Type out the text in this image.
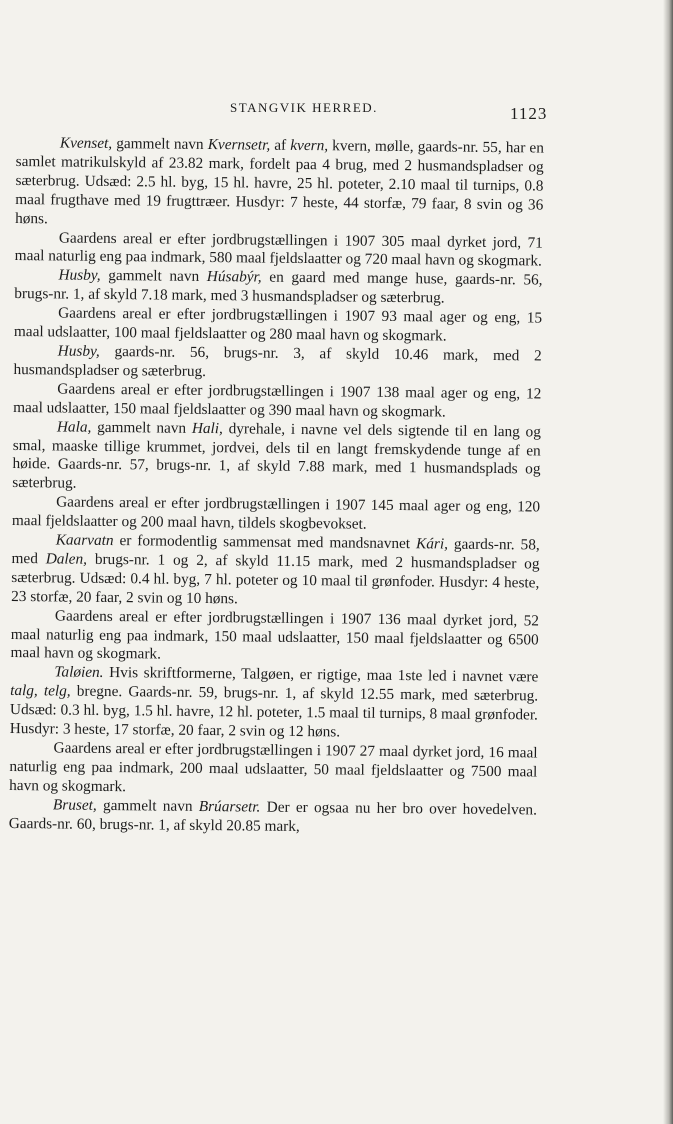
STANGVIK HERRED.	1123

Kvenset, gammelt navn Kvernsetr, af kvern, kvern, mølle, gaards-nr. 55, har en samlet matrikulskyld af 23.82 mark, fordelt paa 4 brug, med 2 husmandspladser og sæterbrug. Udsæd: 2.5 hl. byg, 15 hl. havre, 25 hl. poteter, 2.10 maal til turnips, 0.8 maal frugthave med 19 frugttræer. Husdyr: 7 heste, 44 storfæ, 79 faar, 8 svin og 36 høns.

Gaardens areal er efter jordbrugstællingen i 1907 305 maal dyrket jord, 71 maal naturlig eng paa indmark, 580 maal fjeldslaatter og 720 maal havn og skogmark.

Husby, gammelt navn Húsabýr, en gaard med mange huse, gaards-nr. 56, brugs-nr. 1, af skyld 7.18 mark, med 3 husmandspladser og sæterbrug.

Gaardens areal er efter jordbrugstællingen i 1907 93 maal ager og eng, 15 maal udslaatter, 100 maal fjeldslaatter og 280 maal havn og skogmark.

Husby, gaards-nr. 56, brugs-nr. 3, af skyld 10.46 mark, med 2 husmandspladser og sæterbrug.

Gaardens areal er efter jordbrugstællingen i 1907 138 maal ager og eng, 12 maal udslaatter, 150 maal fjeldslaatter og 390 maal havn og skogmark.

Hala, gammelt navn Hali, dyrehale, i navne vel dels sigtende til en lang og smal, maaske tillige krummet, jordvei, dels til en langt fremskydende tunge af en høide. Gaards-nr. 57, brugs-nr. 1, af skyld 7.88 mark, med 1 husmandsplads og sæterbrug.

Gaardens areal er efter jordbrugstællingen i 1907 145 maal ager og eng, 120 maal fjeldslaatter og 200 maal havn, tildels skogbevokset.

Kaarvatn er formodentlig sammensat med mandsnavnet Kári, gaards-nr. 58, med Dalen, brugs-nr. 1 og 2, af skyld 11.15 mark, med 2 husmandspladser og sæterbrug. Udsæd: 0.4 hl. byg, 7 hl. poteter og 10 maal til grønfoder. Husdyr: 4 heste, 23 storfæ, 20 faar, 2 svin og 10 høns.

Gaardens areal er efter jordbrugstællingen i 1907 136 maal dyrket jord, 52 maal naturlig eng paa indmark, 150 maal udslaatter, 150 maal fjeldslaatter og 6500 maal havn og skogmark.

Taløien. Hvis skriftformerne, Talgøen, er rigtige, maa 1ste led i navnet være talg, telg, bregne. Gaards-nr. 59, brugs-nr. 1, af skyld 12.55 mark, med sæterbrug. Udsæd: 0.3 hl. byg, 1.5 hl. havre, 12 hl. poteter, 1.5 maal til turnips, 8 maal grønfoder. Husdyr: 3 heste, 17 storfæ, 20 faar, 2 svin og 12 høns.

Gaardens areal er efter jordbrugstællingen i 1907 27 maal dyrket jord, 16 maal naturlig eng paa indmark, 200 maal udslaatter, 50 maal fjeldslaatter og 7500 maal havn og skogmark.

Bruset, gammelt navn Brúarsetr. Der er ogsaa nu her bro over hovedelven. Gaards-nr. 60, brugs-nr. 1, af skyld 20.85 mark,
